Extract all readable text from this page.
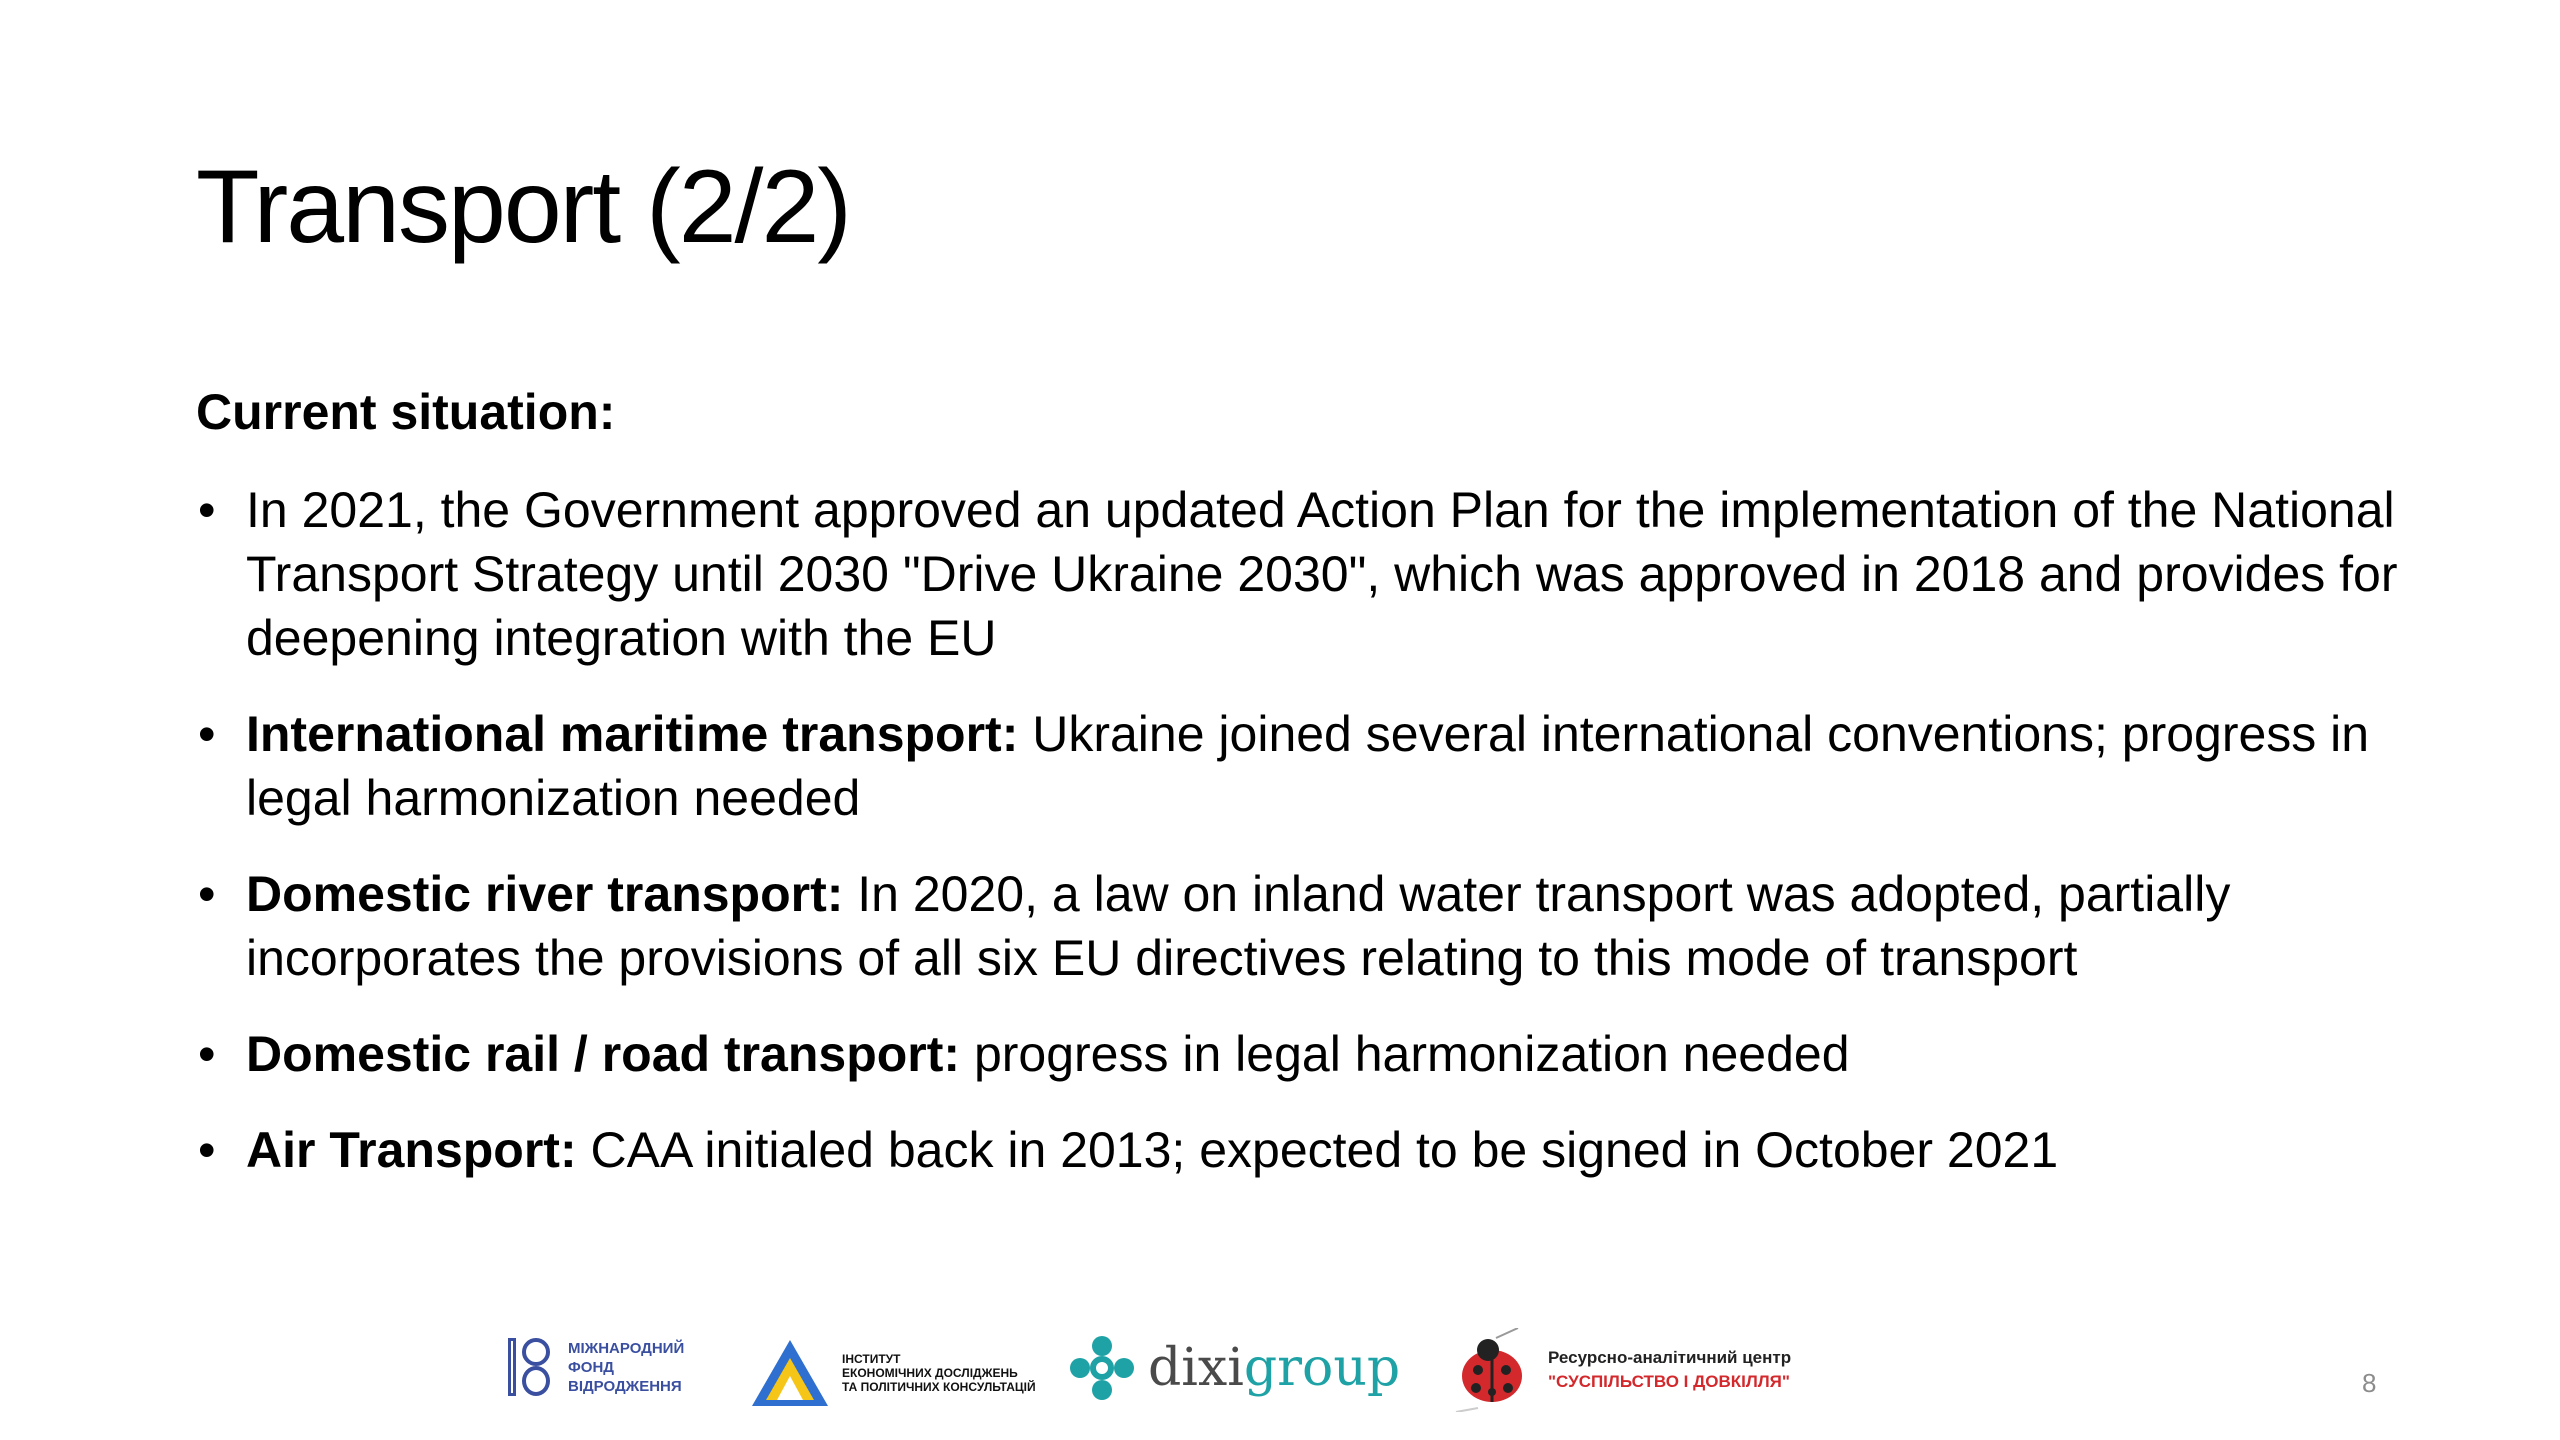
Transport (2/2)
Current situation:
• In 2021, the Government approved an updated Action Plan for the implementation of the National Transport Strategy until 2030 "Drive Ukraine 2030", which was approved in 2018 and provides for deepening integration with the EU
• International maritime transport: Ukraine joined several international conventions; progress in legal harmonization needed
• Domestic river transport: In 2020, a law on inland water transport was adopted, partially incorporates the provisions of all six EU directives relating to this mode of transport
• Domestic rail / road transport: progress in legal harmonization needed
• Air Transport: CAA initialed back in 2013; expected to be signed in October 2021
МІЖНАРОДНИЙ
ФОНД
ВІДРОДЖЕННЯ
ІНСТИТУТ
ЕКОНОМІЧНИХ ДОСЛІДЖЕНЬ
ТА ПОЛІТИЧНИХ КОНСУЛЬТАЦІЙ dixigroup	Ресурсно-аналітичний центр
"СУСПІЛЬСТВО І ДОВКІЛЛЯ"	8
